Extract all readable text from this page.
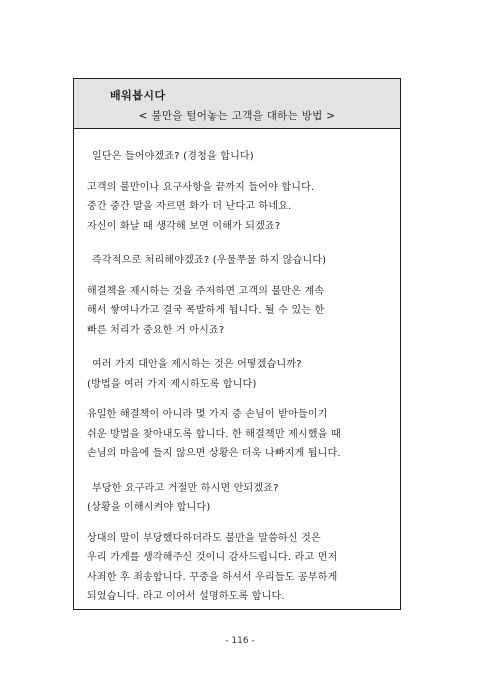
배워봅시다
< 불만을 털어놓는 고객을 대하는 방법 >
일단은 들어야겠죠? (경청을 합니다)
고객의 불만이나 요구사항을 끝까지 들어야 합니다.
중간 중간 말을 자르면 화가 더 난다고 하네요.
자신이 화날 때 생각해 보면 이해가 되겠죠?
즉각적으로 처리해야겠죠? (우물쭈물 하지 않습니다)
해결책을 제시하는 것을 주저하면 고객의 불만은 계속
해서 쌓여나가고 결국 폭발하게 됩니다. 될 수 있는 한
빠른 처리가 중요한 거 아시죠?
여러 가지 대안을 제시하는 것은 어떻겠습니까?
(방법을 여러 가지 제시하도록 합니다)
유일한 해결책이 아니라 몇 가지 중 손님이 받아들이기
쉬운 방법을 찾아내도록 합니다. 한 해결책만 제시했을 때
손님의 마음에 들지 않으면 상황은 더욱 나빠지게 됩니다.
부당한 요구라고 거절만 하시면 안되겠죠?
(상황을 이해시켜야 합니다)
상대의 말이 부당했다하더라도 불만을 말씀하신 것은
우리 가게를 생각해주신 것이니 감사드립니다. 라고 먼저
사죄한 후 죄송합니다. 꾸중을 하셔서 우리들도 공부하게
되었습니다. 라고 이어서 설명하도록 합니다.
- 116 -
